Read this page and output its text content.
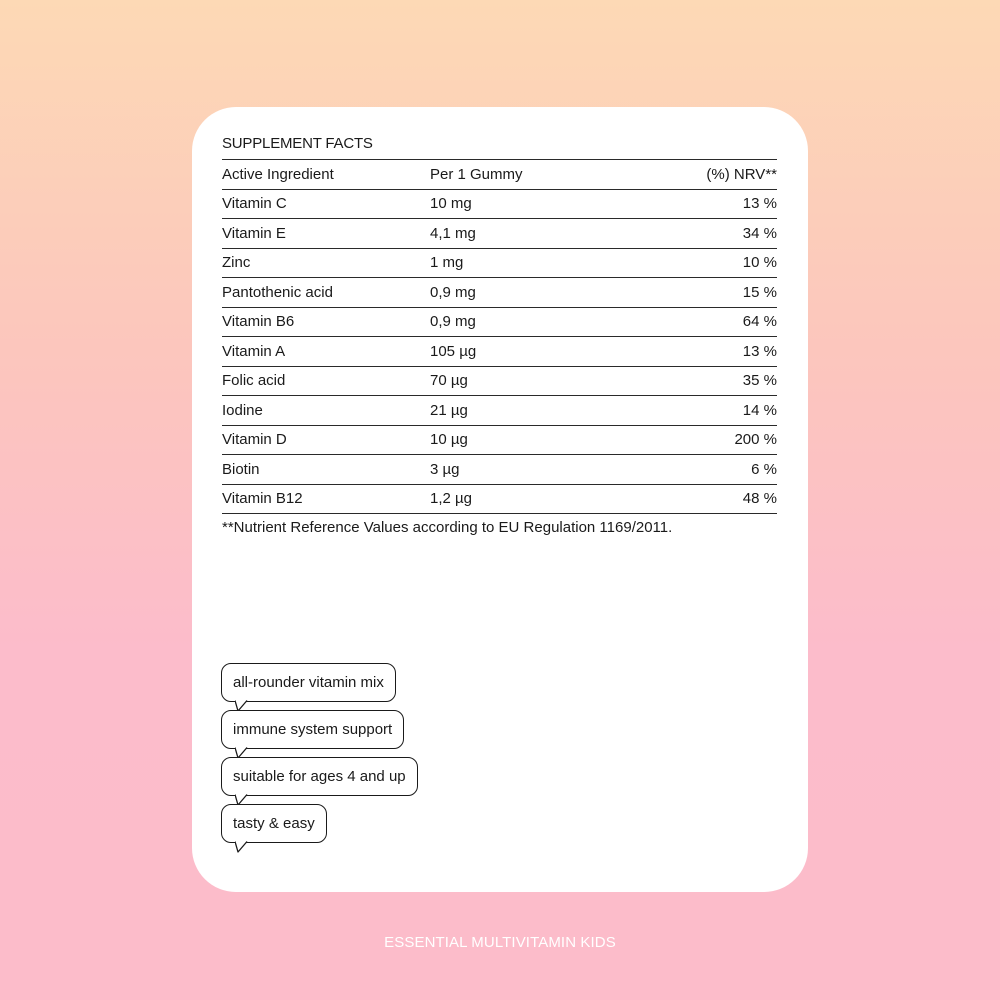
SUPPLEMENT FACTS
Active Ingredient	Per 1 Gummy	(%) NRV**
Vitamin C	10 mg	13 %
Vitamin E	4,1 mg	34 %
Zinc	1 mg	10 %
Pantothenic acid	0,9 mg	15 %
Vitamin B6	0,9 mg	64 %
Vitamin A	105 µg	13 %
Folic acid	70 µg	35 %
Iodine	21 µg	14 %
Vitamin D	10 µg	200 %
Biotin	3 µg	6 %
Vitamin B12	1,2 µg	48 %
**Nutrient Reference Values according to EU Regulation 1169/2011.
all-rounder vitamin mix
immune system support
suitable for ages 4 and up
tasty & easy
ESSENTIAL MULTIVITAMIN KIDS
